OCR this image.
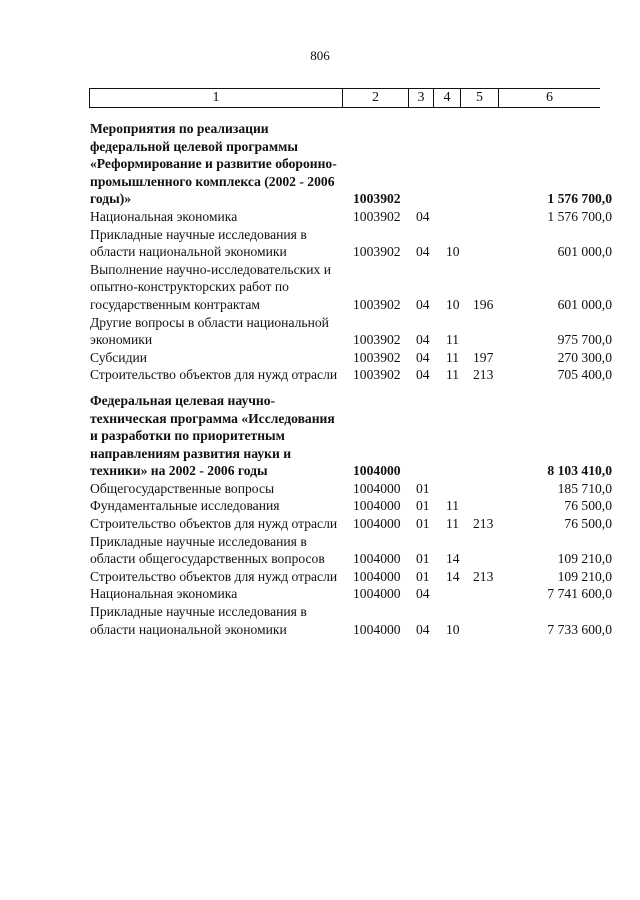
806
1	2	3	4	5	6
Мероприятия по реализации федеральной целевой программы «Реформирование и развитие оборонно-промышленного комплекса (2002 - 2006 годы)»	1003902	1 576 700,0
Национальная экономика	1003902 04	1 576 700,0
Прикладные научные исследования в области национальной экономики	1003902 04 10	601 000,0
Выполнение научно-исследовательских и опытно-конструкторских работ по государственным контрактам	1003902 04 10 196	601 000,0
Другие вопросы в области национальной экономики	1003902 04 11	975 700,0
Субсидии	1003902 04 11 197	270 300,0
Строительство объектов для нужд отрасли 1003902 04 11 213	705 400,0
Федеральная целевая научно-техническая программа «Исследования и разработки по приоритетным направлениям развития науки и техники» на 2002 - 2006 годы	1004000	8 103 410,0
Общегосударственные вопросы	1004000 01	185 710,0
Фундаментальные исследования	1004000 01 11	76 500,0
Строительство объектов для нужд отрасли 1004000 01 11 213	76 500,0
Прикладные научные исследования в области общегосударственных вопросов	1004000 01 14	109 210,0
Строительство объектов для нужд отрасли 1004000 01 14 213	109 210,0
Национальная экономика	1004000 04	7 741 600,0
Прикладные научные исследования в области национальной экономики	1004000 04 10	7 733 600,0
